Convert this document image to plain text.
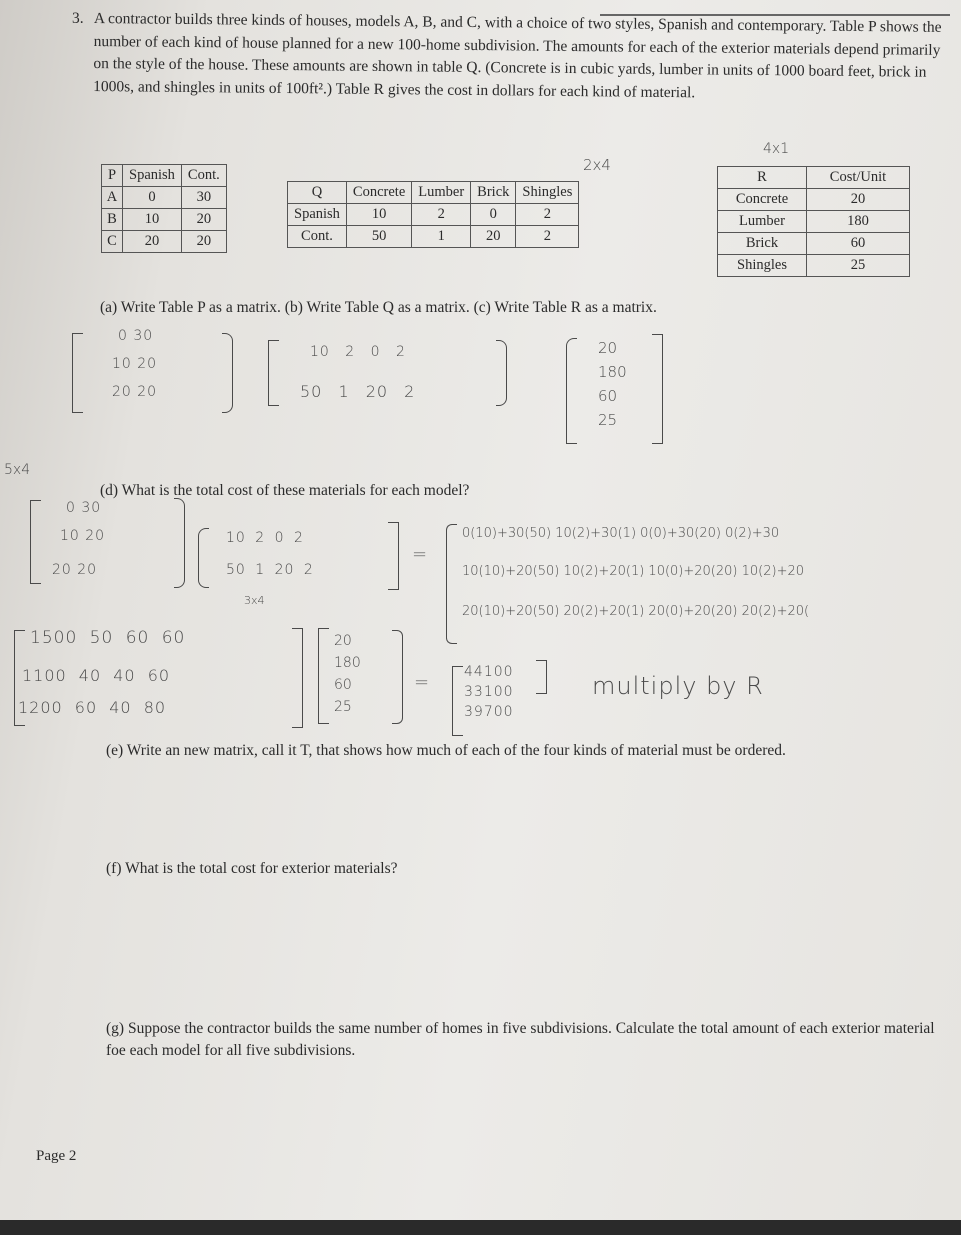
3. A contractor builds three kinds of houses, models A, B, and C, with a choice of two styles, Spanish and contemporary. Table P shows the number of each kind of house planned for a new 100-home subdivision. The amounts for each of the exterior materials depend primarily on the style of the house. These amounts are shown in table Q. (Concrete is in cubic yards, lumber in units of 1000 board feet, brick in 1000s, and shingles in units of 100ft².) Table R gives the cost in dollars for each kind of material.
P	Spanish	Cont.
A	0	30
B	10	20
C	20	20
Q	Concrete	Lumber	Brick	Shingles
Spanish	10	2	0	2
Cont.	50	1	20	2
R	Cost/Unit
Concrete	20
Lumber	180
Brick	60
Shingles	25
2x4
4x1
(a) Write Table P as a matrix. (b) Write Table Q as a matrix. (c) Write Table R as a matrix.
0 30
10 20
20 20
10 2 0 2
50 1 20 2
20
180
60
25
5x4
(d) What is the total cost of these materials for each model?
0 30
10 20
20 20
10 2 0 2
50 1 20 2
=
3x4
0(10)+30(50) 10(2)+30(1) 0(0)+30(20) 0(2)+30
10(10)+20(50) 10(2)+20(1) 10(0)+20(20) 10(2)+20
20(10)+20(50) 20(2)+20(1) 20(0)+20(20) 20(2)+20(
1500 50 60 60
1100 40 40 60
1200 60 40 80
20
180
60
25
= 44100
33100
39700
multiply by R
(e) Write an new matrix, call it T, that shows how much of each of the four kinds of material must be ordered.
(f) What is the total cost for exterior materials?
(g) Suppose the contractor builds the same number of homes in five subdivisions. Calculate the total amount of each exterior material foe each model for all five subdivisions.
Page 2
